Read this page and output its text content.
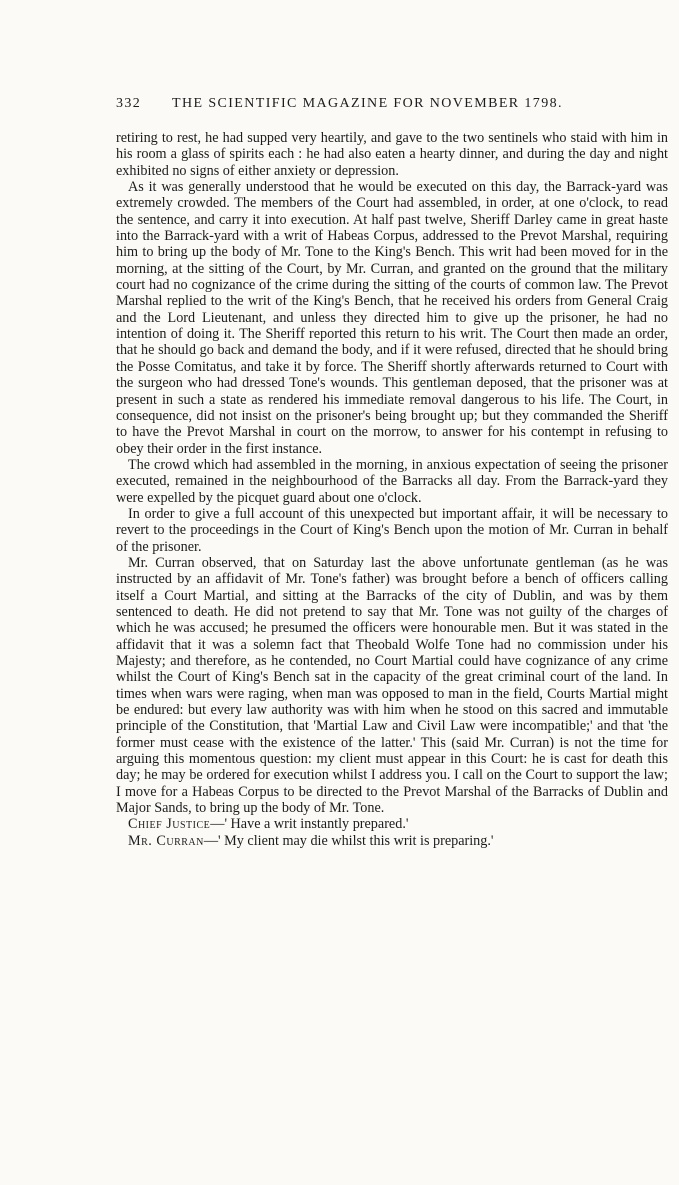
332 THE SCIENTIFIC MAGAZINE FOR NOVEMBER 1798.

retiring to rest, he had supped very heartily, and gave to the two sentinels who staid with him in his room a glass of spirits each : he had also eaten a hearty dinner, and during the day and night exhibited no signs of either anxiety or depression.

As it was generally understood that he would be executed on this day, the Barrack-yard was extremely crowded. The members of the Court had assembled, in order, at one o'clock, to read the sentence, and carry it into execution. At half past twelve, Sheriff Darley came in great haste into the Barrack-yard with a writ of Habeas Corpus, addressed to the Prevot Marshal, requiring him to bring up the body of Mr. Tone to the King's Bench. This writ had been moved for in the morning, at the sitting of the Court, by Mr. Curran, and granted on the ground that the military court had no cognizance of the crime during the sitting of the courts of common law. The Prevot Marshal replied to the writ of the King's Bench, that he received his orders from General Craig and the Lord Lieutenant, and unless they directed him to give up the prisoner, he had no intention of doing it. The Sheriff reported this return to his writ. The Court then made an order, that he should go back and demand the body, and if it were refused, directed that he should bring the Posse Comitatus, and take it by force. The Sheriff shortly afterwards returned to Court with the surgeon who had dressed Tone's wounds. This gentleman deposed, that the prisoner was at present in such a state as rendered his immediate removal dangerous to his life. The Court, in consequence, did not insist on the prisoner's being brought up; but they commanded the Sheriff to have the Prevot Marshal in court on the morrow, to answer for his contempt in refusing to obey their order in the first instance.

The crowd which had assembled in the morning, in anxious expectation of seeing the prisoner executed, remained in the neighbourhood of the Barracks all day. From the Barrack-yard they were expelled by the picquet guard about one o'clock.

In order to give a full account of this unexpected but important affair, it will be necessary to revert to the proceedings in the Court of King's Bench upon the motion of Mr. Curran in behalf of the prisoner.

Mr. Curran observed, that on Saturday last the above unfortunate gentleman (as he was instructed by an affidavit of Mr. Tone's father) was brought before a bench of officers calling itself a Court Martial, and sitting at the Barracks of the city of Dublin, and was by them sentenced to death. He did not pretend to say that Mr. Tone was not guilty of the charges of which he was accused; he presumed the officers were honourable men. But it was stated in the affidavit that it was a solemn fact that Theobald Wolfe Tone had no commission under his Majesty; and therefore, as he contended, no Court Martial could have cognizance of any crime whilst the Court of King's Bench sat in the capacity of the great criminal court of the land. In times when wars were raging, when man was opposed to man in the field, Courts Martial might be endured: but every law authority was with him when he stood on this sacred and immutable principle of the Constitution, that 'Martial Law and Civil Law were incompatible;' and that 'the former must cease with the existence of the latter.' This (said Mr. Curran) is not the time for arguing this momentous question: my client must appear in this Court: he is cast for death this day; he may be ordered for execution whilst I address you. I call on the Court to support the law; I move for a Habeas Corpus to be directed to the Prevot Marshal of the Barracks of Dublin and Major Sands, to bring up the body of Mr. Tone.

Chief Justice—' Have a writ instantly prepared.'

Mr. Curran—' My client may die whilst this writ is preparing.'
